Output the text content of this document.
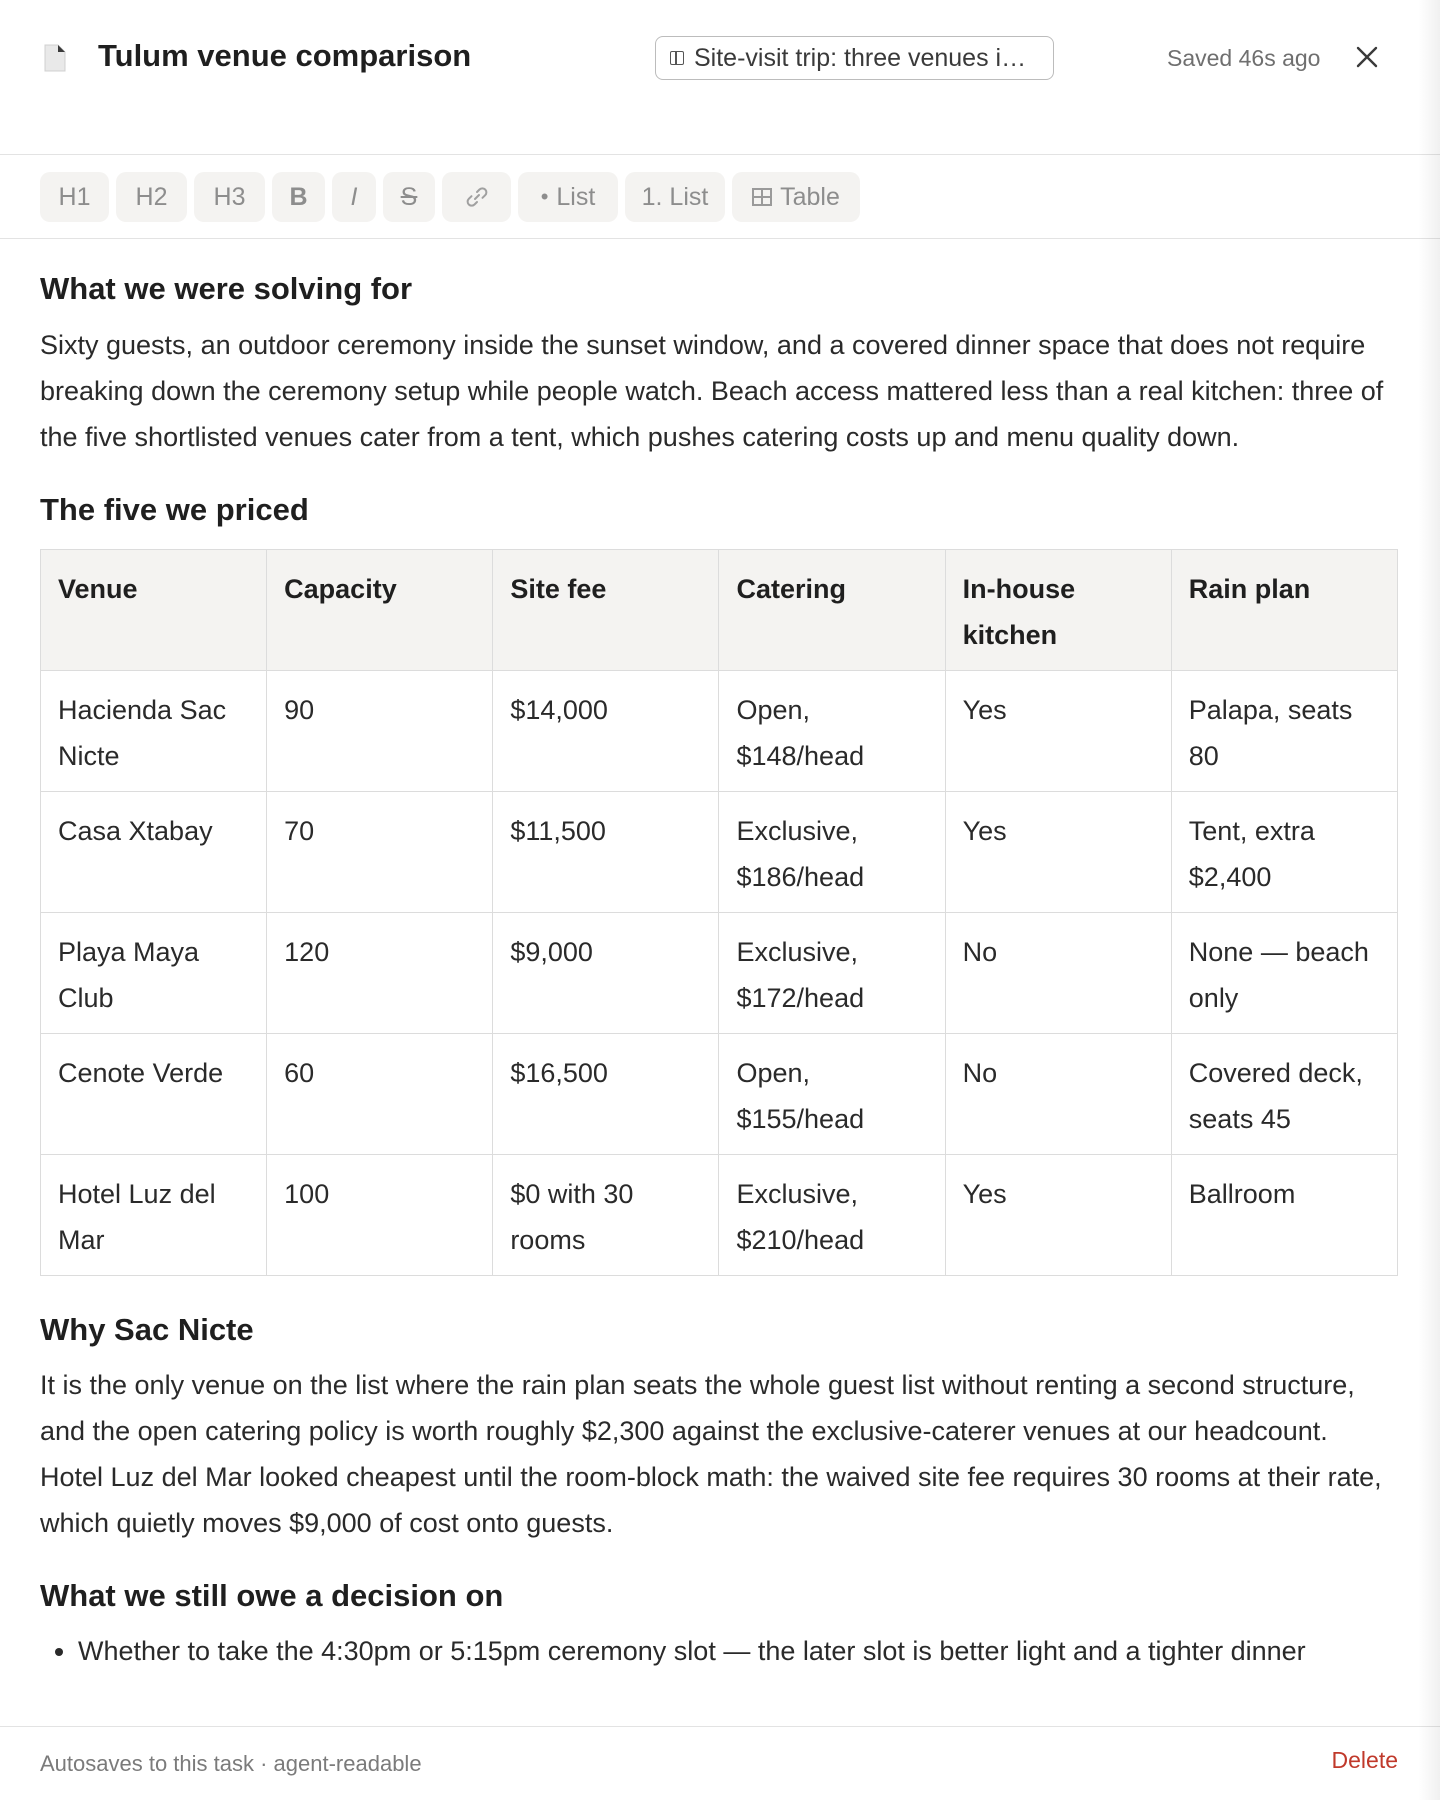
Tulum venue comparison	Site-visit trip: three venues i…	Saved 46s ago
H1	H2	H3	B	I	S	• List	1. List	Table
What we were solving for
Sixty guests, an outdoor ceremony inside the sunset window, and a covered dinner space that does not require breaking down the ceremony setup while people watch. Beach access mattered less than a real kitchen: three of the five shortlisted venues cater from a tent, which pushes catering costs up and menu quality down.
The five we priced
Venue	Capacity	Site fee	Catering	In-house kitchen	Rain plan
Hacienda Sac Nicte	90	$14,000	Open, $148/head	Yes	Palapa, seats 80
Casa Xtabay	70	$11,500	Exclusive, $186/head	Yes	Tent, extra $2,400
Playa Maya Club	120	$9,000	Exclusive, $172/head	No	None — beach only
Cenote Verde	60	$16,500	Open, $155/head	No	Covered deck, seats 45
Hotel Luz del Mar	100	$0 with 30 rooms	Exclusive, $210/head	Yes	Ballroom
Why Sac Nicte
It is the only venue on the list where the rain plan seats the whole guest list without renting a second structure, and the open catering policy is worth roughly $2,300 against the exclusive-caterer venues at our headcount. Hotel Luz del Mar looked cheapest until the room-block math: the waived site fee requires 30 rooms at their rate, which quietly moves $9,000 of cost onto guests.
What we still owe a decision on
• Whether to take the 4:30pm or 5:15pm ceremony slot — the later slot is better light and a tighter dinner
Autosaves to this task · agent-readable	Delete
